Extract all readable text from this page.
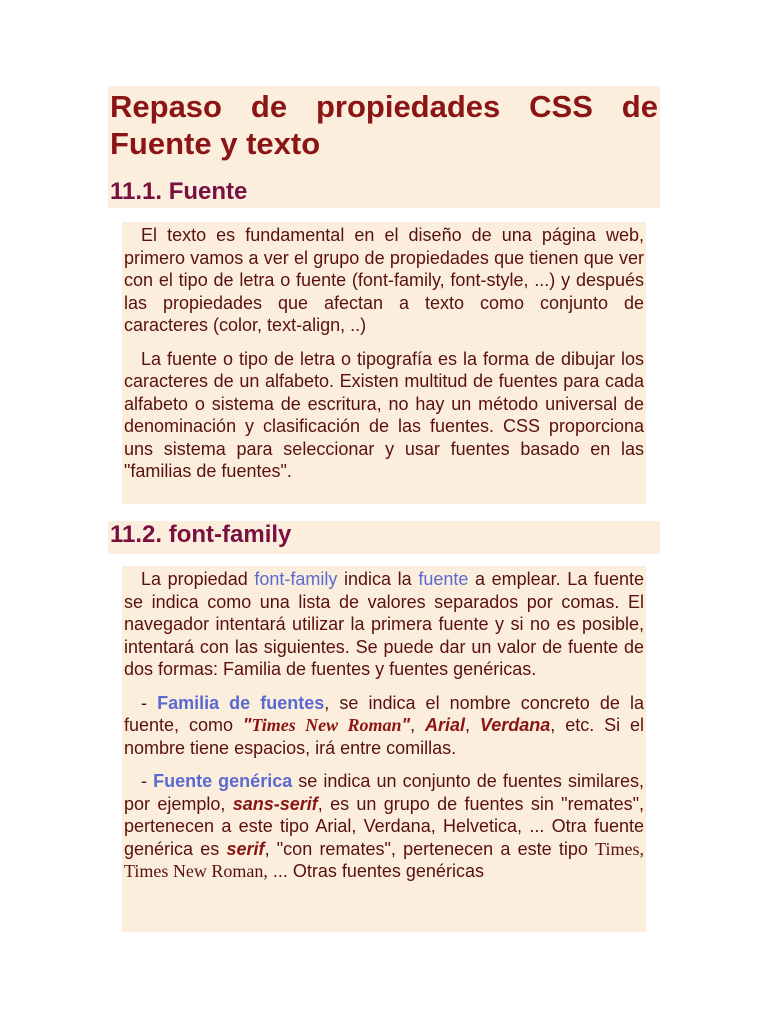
Repaso de propiedades CSS de Fuente y texto
11.1. Fuente

El texto es fundamental en el diseño de una página web, primero vamos a ver el grupo de propiedades que tienen que ver con el tipo de letra o fuente (font-family, font-style, ...) y después las propiedades que afectan a texto como conjunto de caracteres (color, text-align, ..)

La fuente o tipo de letra o tipografía es la forma de dibujar los caracteres de un alfabeto. Existen multitud de fuentes para cada alfabeto o sistema de escritura, no hay un método universal de denominación y clasificación de las fuentes. CSS proporciona uns sistema para seleccionar y usar fuentes basado en las "familias de fuentes".

11.2. font-family

La propiedad font-family indica la fuente a emplear. La fuente se indica como una lista de valores separados por comas. El navegador intentará utilizar la primera fuente y si no es posible, intentará con las siguientes. Se puede dar un valor de fuente de dos formas: Familia de fuentes y fuentes genéricas.

- Familia de fuentes, se indica el nombre concreto de la fuente, como "Times New Roman", Arial, Verdana, etc. Si el nombre tiene espacios, irá entre comillas.

- Fuente genérica se indica un conjunto de fuentes similares, por ejemplo, sans-serif, es un grupo de fuentes sin "remates", pertenecen a este tipo Arial, Verdana, Helvetica, ... Otra fuente genérica es serif, "con remates", pertenecen a este tipo Times, Times New Roman, ... Otras fuentes genéricas
